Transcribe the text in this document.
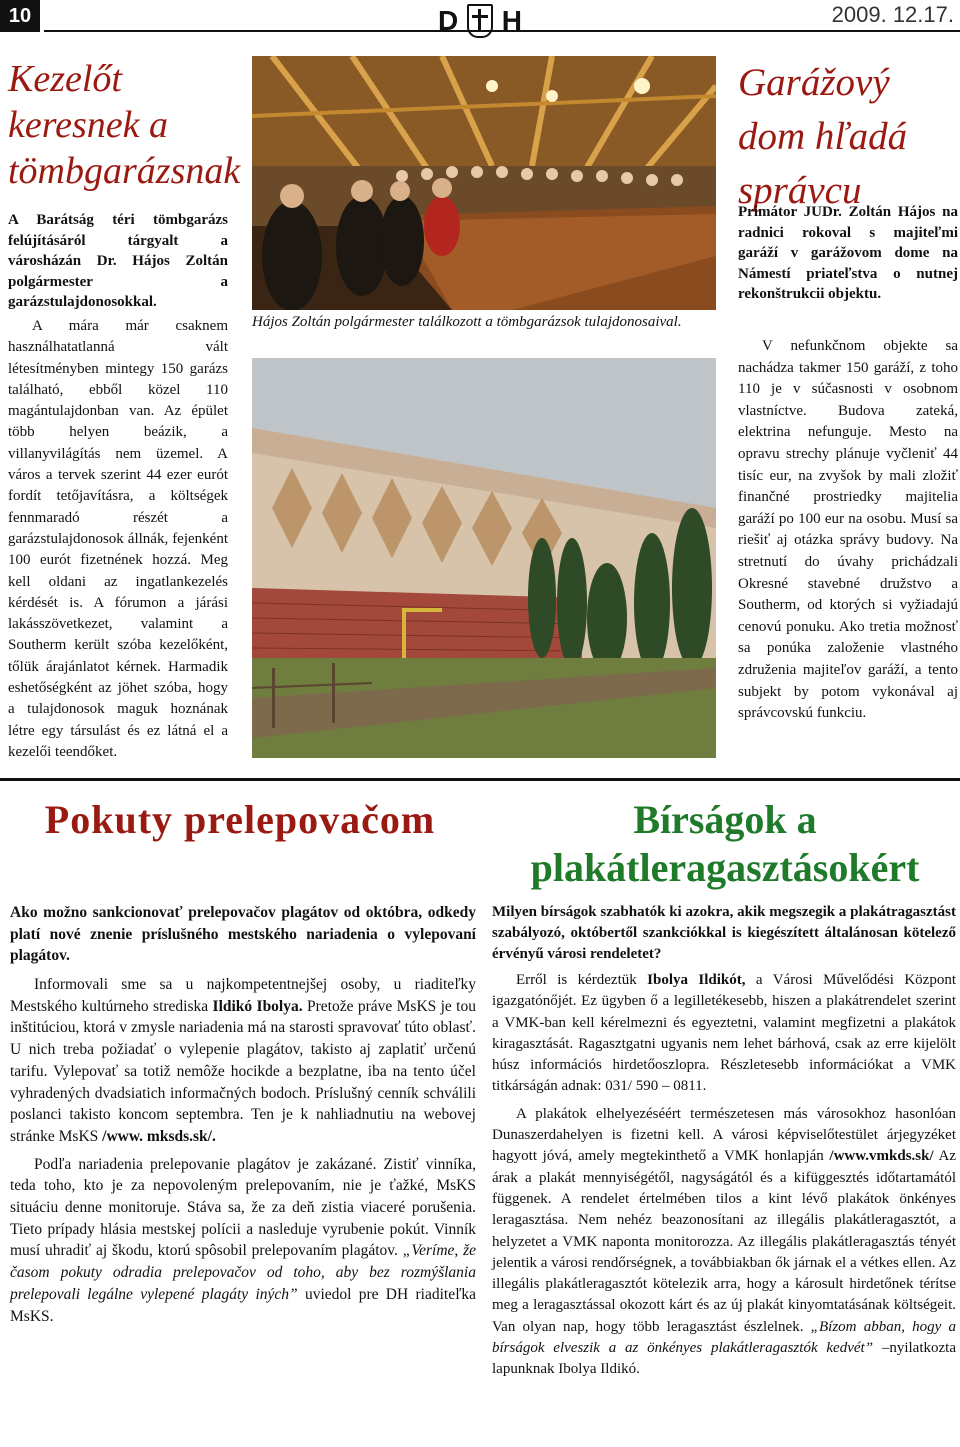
10	D H	2009. 12.17.
Kezelőt keresnek a tömbgarázsnak
A Barátság téri tömbgarázs felújításáról tárgyalt a városházán Dr. Hájos Zoltán polgármester a garázstulajdonosokkal.

A mára már csaknem használhatatlanná vált létesítményben mintegy 150 garázs található, ebből közel 110 magántulajdonban van. Az épület több helyen beázik, a villanyvilágítás nem üzemel. A város a tervek szerint 44 ezer eurót fordít tetőjavításra, a költségek fennmaradó részét a garázstulajdonosok állnák, fejenként 100 eurót fizetnének hozzá. Meg kell oldani az ingatlankezelés kérdését is. A fórumon a járási lakásszövetkezet, valamint a Southerm került szóba kezelőként, tőlük árajánlatot kérnek. Harmadik eshetőségként az jöhet szóba, hogy a tulajdonosok maguk hoznának létre egy társulást és ez látná el a kezelői teendőket.

Hájos Zoltán polgármester találkozott a tömbgarázsok tulajdonosaival.
Garážový dom hľadá správcu
Primátor JUDr. Zoltán Hájos na radnici rokoval s majiteľmi garáží v garážovom dome na Námestí priateľstva o nutnej rekonštrukcii objektu.

V nefunkčnom objekte sa nachádza takmer 150 garáží, z toho 110 je v súčasnosti v osobnom vlastníctve. Budova zateká, elektrina nefunguje. Mesto na opravu strechy plánuje vyčleniť 44 tisíc eur, na zvyšok by mali zložiť finančné prostriedky majitelia garáží po 100 eur na osobu. Musí sa riešiť aj otázka správy budovy. Na stretnutí do úvahy prichádzali Okresné stavebné družstvo a Southerm, od ktorých si vyžiadajú cenovú ponuku. Ako tretia možnosť sa ponúka založenie vlastného združenia majiteľov garáží, a tento subjekt by potom vykonával aj správcovskú funkciu.

Pokuty prelepovačom
Ako možno sankcionovať prelepovačov plagátov od októbra, odkedy platí nové znenie príslušného mestského nariadenia o vylepovaní plagátov.

Informovali sme sa u najkompetentnejšej osoby, u riaditeľky Mestského kultúrneho strediska Ildikó Ibolya. Pretože práve MsKS je tou inštitúciou, ktorá v zmysle nariadenia má na starosti spravovať túto oblasť. U nich treba požiadať o vylepenie plagátov, takisto aj zaplatiť určenú tarifu. Vylepovať sa totiž nemôže hocikde a bezplatne, iba na tento účel vyhradených dvadsiatich informačných bodoch. Príslušný cenník schválili poslanci takisto koncom septembra. Ten je k nahliadnutiu na webovej stránke MsKS /www. mksds.sk/.

Podľa nariadenia prelepovanie plagátov je zakázané. Zistiť vinníka, teda toho, kto je za nepovoleným prelepovaním, nie je ťažké, MsKS situáciu denne monitoruje. Stáva sa, že za deň zistia viaceré porušenia. Tieto prípady hlásia mestskej polícii a nasleduje vyrubenie pokút. Vinník musí uhradiť aj škodu, ktorú spôsobil prelepovaním plagátov. „Veríme, že časom pokuty odradia prelepovačov od toho, aby bez rozmýšlania prelepovali legálne vylepené plagáty iných” uviedol pre DH riaditeľka MsKS.

Bírságok a plakátleragasztásokért
Milyen bírságok szabhatók ki azokra, akik megszegik a plakátragasztást szabályozó, októbertől szankciókkal is kiegészített általánosan kötelező érvényű városi rendeletet?

Erről is kérdeztük Ibolya Ildikót, a Városi Művelődési Központ igazgatónőjét. Ez ügyben ő a legilletékesebb, hiszen a plakátrendelet szerint a VMK-ban kell kérelmezni és egyeztetni, valamint megfizetni a plakátok kiragasztását. Ragasztgatni ugyanis nem lehet bárhová, csak az erre kijelölt húsz információs hirdetőoszlopra. Részletesebb információkat a VMK titkárságán adnak: 031/ 590 – 0811.

A plakátok elhelyezéséért természetesen más városokhoz hasonlóan Dunaszerdahelyen is fizetni kell. A városi képviselőtestület árjegyzéket hagyott jóvá, amely megtekinthető a VMK honlapján /www.vmkds.sk/ Az árak a plakát mennyiségétől, nagyságától és a kifüggesztés időtartamától függenek. A rendelet értelmében tilos a kint lévő plakátok önkényes leragasztása. Nem nehéz beazonosítani az illegális plakátleragasztót, a helyzetet a VMK naponta monitorozza. Az illegális plakátleragasztás tényét jelentik a városi rendőrségnek, a továbbiakban ők járnak el a vétkes ellen. Az illegális plakátleragasztót kötelezik arra, hogy a károsult hirdetőnek térítse meg a leragasztással okozott kárt és az új plakát kinyomtatásának költségeit. Van olyan nap, hogy több leragasztást észlelnek. „Bízom abban, hogy a bírságok elveszik a az önkényes plakátleragasztók kedvét” –nyilatkozta lapunknak Ibolya Ildikó.
